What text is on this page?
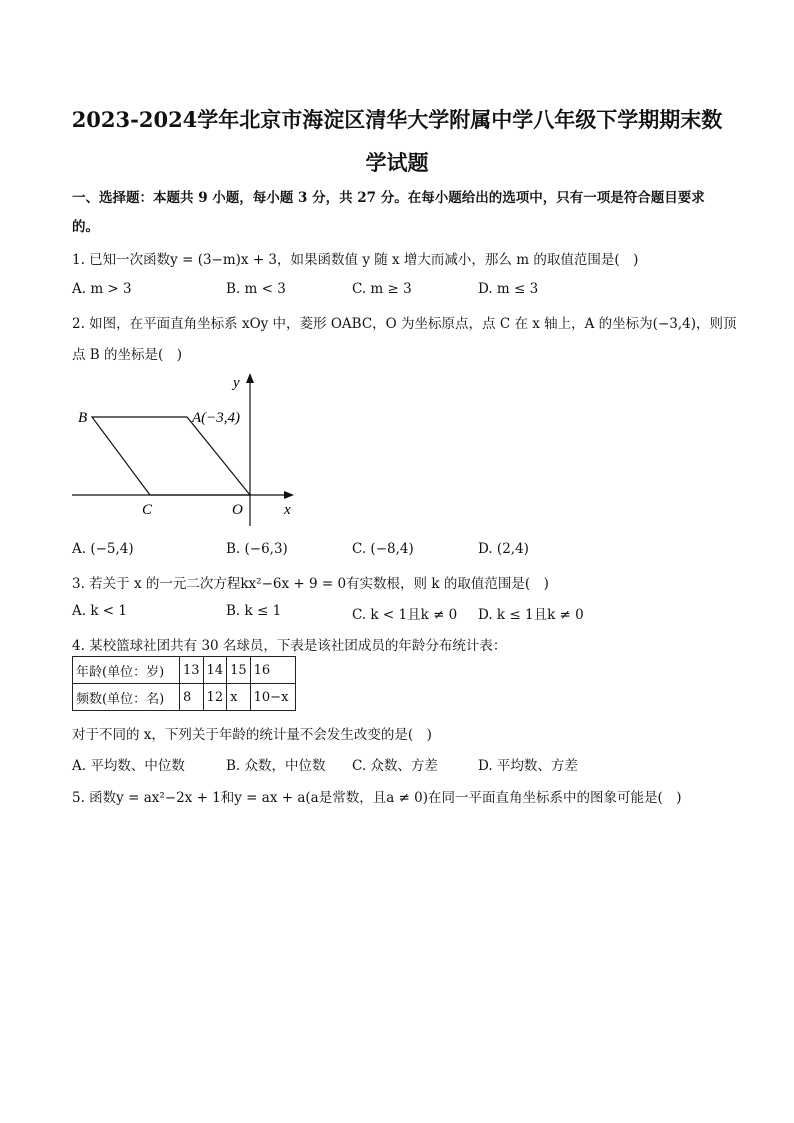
2023-2024学年北京市海淀区清华大学附属中学八年级下学期期末数
学试题
一、选择题：本题共 9 小题，每小题 3 分，共 27 分。在每小题给出的选项中，只有一项是符合题目要求
的。
1. 已知一次函数y = (3−m)x + 3，如果函数值 y 随 x 增大而减小，那么 m 的取值范围是(　)
A. m > 3	B. m < 3	C. m ≥ 3	D. m ≤ 3
2. 如图，在平面直角坐标系 xOy 中，菱形 OABC，O 为坐标原点，点 C 在 x 轴上，A 的坐标为(−3,4)，则顶
点 B 的坐标是(　)
y
B	A(−3,4)
C	O	x
A. (−5,4)	B. (−6,3)	C. (−8,4)	D. (2,4)
3. 若关于 x 的一元二次方程kx²−6x + 9 = 0有实数根，则 k 的取值范围是(　)
A. k < 1	B. k ≤ 1	C. k < 1且k ≠ 0 D. k ≤ 1且k ≠ 0
4. 某校篮球社团共有 30 名球员，下表是该社团成员的年龄分布统计表：
年龄(单位：岁)	13	14	15	16
频数(单位：名)	8	12	x	10−x
对于不同的 x，下列关于年龄的统计量不会发生改变的是(　)
A. 平均数、中位数	B. 众数，中位数 C. 众数、方差	D. 平均数、方差
5. 函数y = ax²−2x + 1和y = ax + a(a是常数，且a ≠ 0)在同一平面直角坐标系中的图象可能是(　)
